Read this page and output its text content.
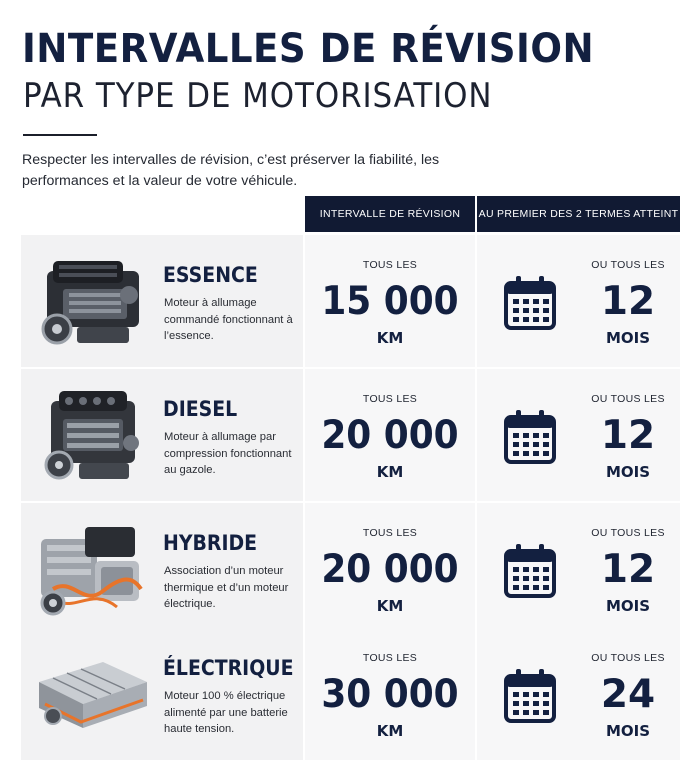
INTERVALLES DE RÉVISION
PAR TYPE DE MOTORISATION

Respecter les intervalles de révision, c’est préserver la fiabilité, les performances et la valeur de votre véhicule.

INTERVALLE DE RÉVISION	AU PREMIER DES 2 TERMES ATTEINT
ESSENCE

Moteur à allumage commandé fonctionnant à l’essence.

TOUS LES
15 000
KM
OU TOUS LES
12
MOIS
DIESEL

Moteur à allumage par compression fonctionnant au gazole.

TOUS LES
20 000
KM
OU TOUS LES
12
MOIS
HYBRIDE

Association d’un moteur thermique et d’un moteur électrique.

TOUS LES
20 000
KM
OU TOUS LES
12
MOIS
ÉLECTRIQUE

Moteur 100 % électrique alimenté par une batterie haute tension.

TOUS LES
30 000
KM
OU TOUS LES
24
MOIS
